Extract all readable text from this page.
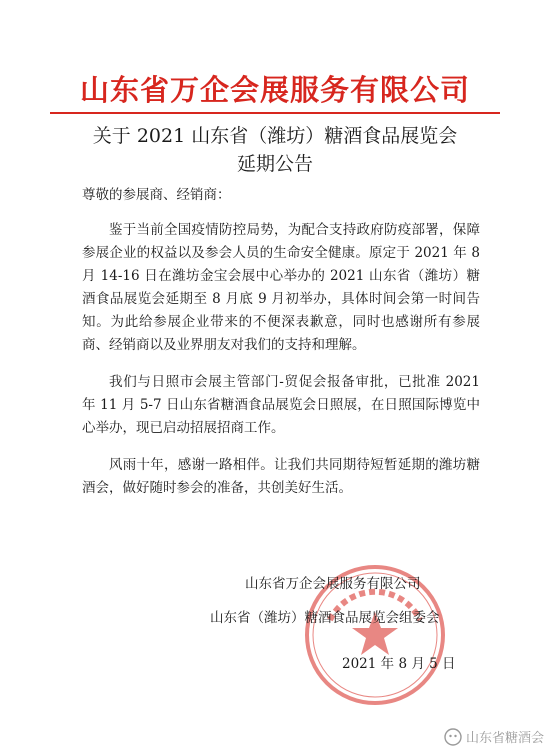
山东省万企会展服务有限公司
关于 2021 山东省（潍坊）糖酒食品展览会
延期公告

尊敬的参展商、经销商：

鉴于当前全国疫情防控局势，为配合支持政府防疫部署，保障参展企业的权益以及参会人员的生命安全健康。原定于 2021 年 8 月 14-16 日在潍坊金宝会展中心举办的 2021 山东省（潍坊）糖酒食品展览会延期至 8 月底 9 月初举办，具体时间会第一时间告知。为此给参展企业带来的不便深表歉意，同时也感谢所有参展商、经销商以及业界朋友对我们的支持和理解。

我们与日照市会展主管部门-贸促会报备审批，已批准 2021 年 11 月 5-7 日山东省糖酒食品展览会日照展，在日照国际博览中心举办，现已启动招展招商工作。

风雨十年，感谢一路相伴。让我们共同期待短暂延期的潍坊糖酒会，做好随时参会的准备，共创美好生活。

山东省万企会展服务有限公司
山东省（潍坊）糖酒食品展览会组委会
2021 年 8 月 5 日
山东省糖酒会
